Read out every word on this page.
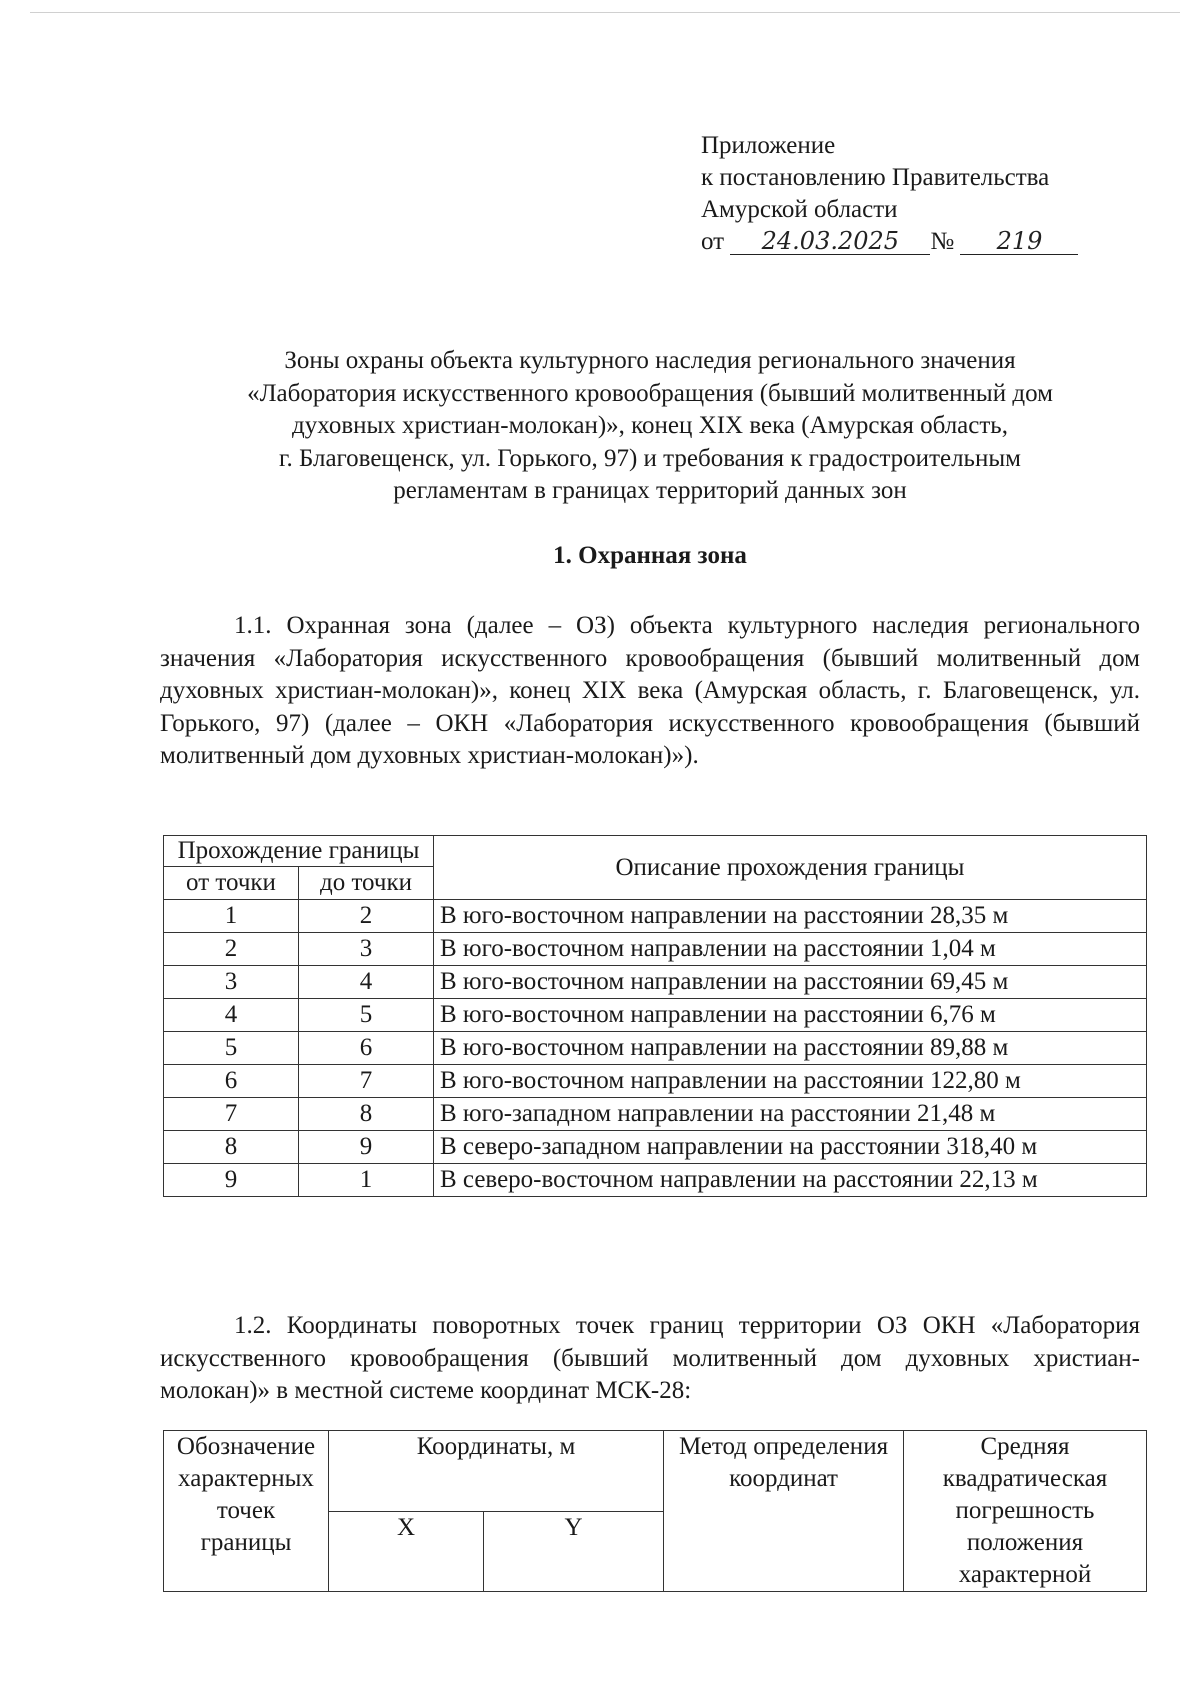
Приложение
к постановлению Правительства
Амурской области
от 24.03.2025 № 219
Зоны охраны объекта культурного наследия регионального значения
«Лаборатория искусственного кровообращения (бывший молитвенный дом
духовных христиан-молокан)», конец XIX века (Амурская область,
г. Благовещенск, ул. Горького, 97) и требования к градостроительным
регламентам в границах территорий данных зон
1. Охранная зона
1.1. Охранная зона (далее – ОЗ) объекта культурного наследия регионального значения «Лаборатория искусственного кровообращения (бывший молитвенный дом духовных христиан-молокан)», конец XIX века (Амурская область, г. Благовещенск, ул. Горького, 97) (далее – ОКН «Лаборатория искусственного кровообращения (бывший молитвенный дом духовных христиан-молокан)»).
Прохождение границы		Описание прохождения границы
от точки	до точки	
1	2	В юго-восточном направлении на расстоянии 28,35 м
2	3	В юго-восточном направлении на расстоянии 1,04 м
3	4	В юго-восточном направлении на расстоянии 69,45 м
4	5	В юго-восточном направлении на расстоянии 6,76 м
5	6	В юго-восточном направлении на расстоянии 89,88 м
6	7	В юго-восточном направлении на расстоянии 122,80 м
7	8	В юго-западном направлении на расстоянии 21,48 м
8	9	В северо-западном направлении на расстоянии 318,40 м
9	1	В северо-восточном направлении на расстоянии 22,13 м
1.2. Координаты поворотных точек границ территории ОЗ ОКН «Лаборатория искусственного кровообращения (бывший молитвенный дом духовных христиан-молокан)» в местной системе координат МСК-28:
Обозначение характерных точек границы	Координаты, м		Метод определения координат	Средняя квадратическая погрешность положения характерной
	X	Y		
